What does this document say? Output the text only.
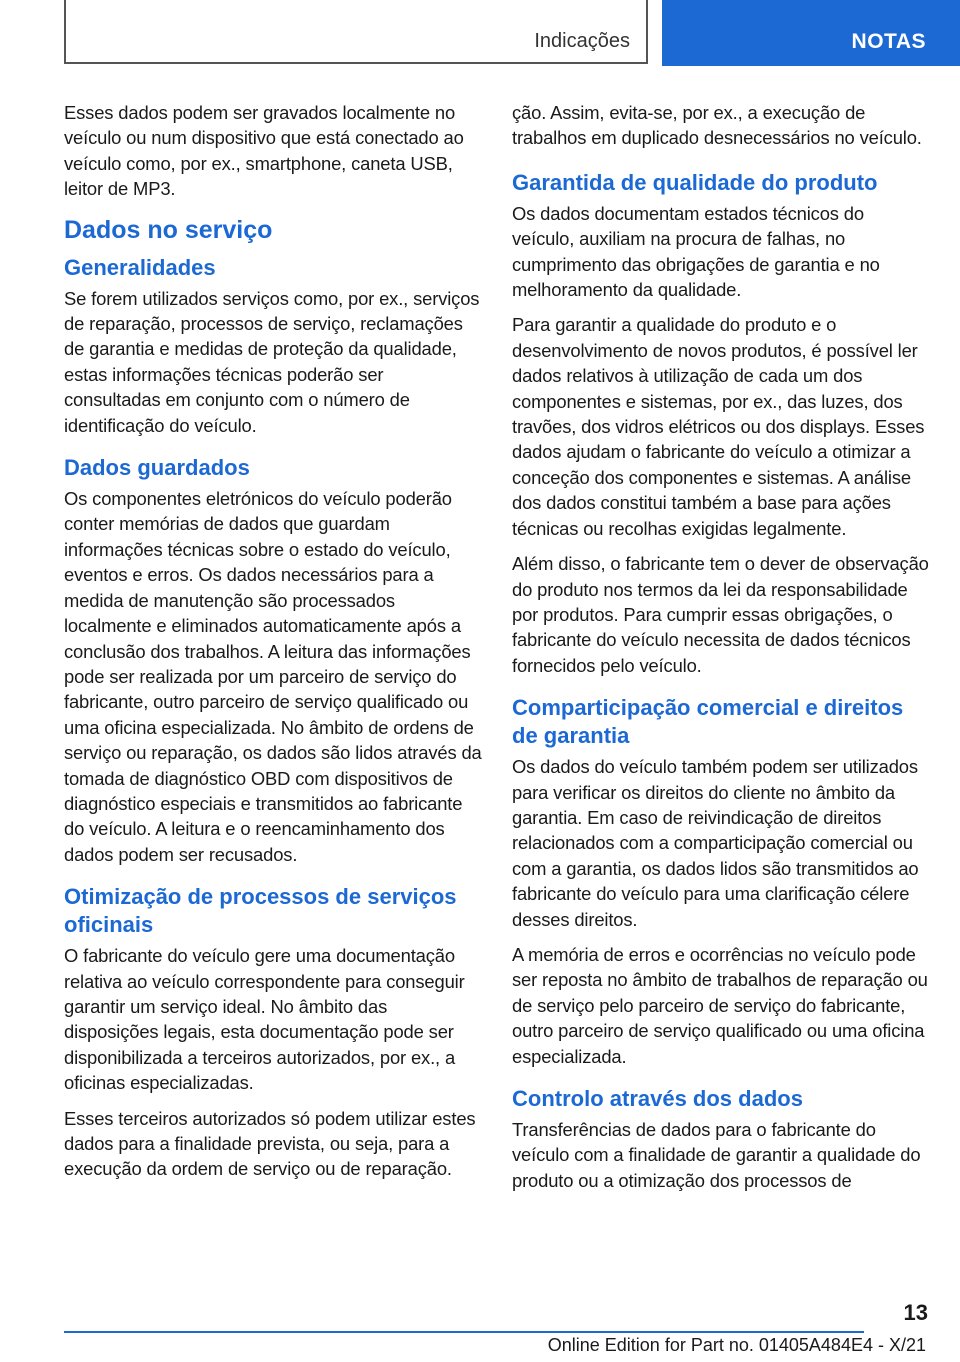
Indicações	NOTAS

Esses dados podem ser gravados localmente no veículo ou num dispositivo que está conectado ao veículo como, por ex., smartphone, caneta USB, leitor de MP3.

Dados no serviço
Generalidades

Se forem utilizados serviços como, por ex., serviços de reparação, processos de serviço, reclamações de garantia e medidas de proteção da qualidade, estas informações técnicas poderão ser consultadas em conjunto com o número de identificação do veículo.

Dados guardados

Os componentes eletrónicos do veículo poderão conter memórias de dados que guardam informações técnicas sobre o estado do veículo, eventos e erros. Os dados necessários para a medida de manutenção são processados localmente e eliminados automaticamente após a conclusão dos trabalhos. A leitura das informações pode ser realizada por um parceiro de serviço do fabricante, outro parceiro de serviço qualificado ou uma oficina especializada. No âmbito de ordens de serviço ou reparação, os dados são lidos através da tomada de diagnóstico OBD com dispositivos de diagnóstico especiais e transmitidos ao fabricante do veículo. A leitura e o reencaminhamento dos dados podem ser recusados.

Otimização de processos de serviços oficinais

O fabricante do veículo gere uma documentação relativa ao veículo correspondente para conseguir garantir um serviço ideal. No âmbito das disposições legais, esta documentação pode ser disponibilizada a terceiros autorizados, por ex., a oficinas especializadas.

Esses terceiros autorizados só podem utilizar estes dados para a finalidade prevista, ou seja, para a execução da ordem de serviço ou de reparação.

ção. Assim, evita-se, por ex., a execução de trabalhos em duplicado desnecessários no veículo.

Garantida de qualidade do produto

Os dados documentam estados técnicos do veículo, auxiliam na procura de falhas, no cumprimento das obrigações de garantia e no melhoramento da qualidade.

Para garantir a qualidade do produto e o desenvolvimento de novos produtos, é possível ler dados relativos à utilização de cada um dos componentes e sistemas, por ex., das luzes, dos travões, dos vidros elétricos ou dos displays. Esses dados ajudam o fabricante do veículo a otimizar a conceção dos componentes e sistemas. A análise dos dados constitui também a base para ações técnicas ou recolhas exigidas legalmente.

Além disso, o fabricante tem o dever de observação do produto nos termos da lei da responsabilidade por produtos. Para cumprir essas obrigações, o fabricante do veículo necessita de dados técnicos fornecidos pelo veículo.

Comparticipação comercial e direitos de garantia

Os dados do veículo também podem ser utilizados para verificar os direitos do cliente no âmbito da garantia. Em caso de reivindicação de direitos relacionados com a comparticipação comercial ou com a garantia, os dados lidos são transmitidos ao fabricante do veículo para uma clarificação célere desses direitos.

A memória de erros e ocorrências no veículo pode ser reposta no âmbito de trabalhos de reparação ou de serviço pelo parceiro de serviço do fabricante, outro parceiro de serviço qualificado ou uma oficina especializada.

Controlo através dos dados

Transferências de dados para o fabricante do veículo com a finalidade de garantir a qualidade do produto ou a otimização dos processos de

13
Online Edition for Part no. 01405A484E4 - X/21
